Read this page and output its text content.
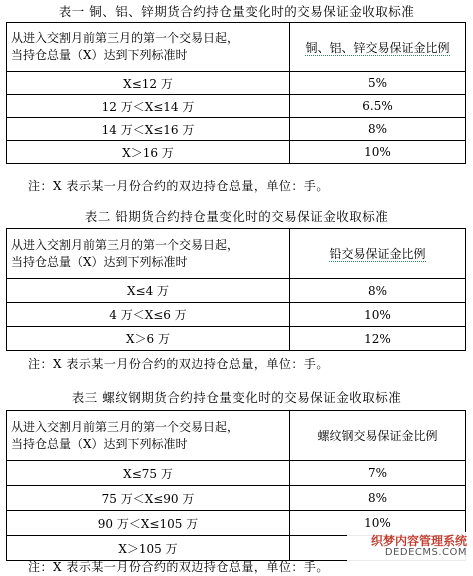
表一 铜、铝、锌期货合约持仓量变化时的交易保证金收取标准
从进入交割月前第三月的第一个交易日起，
当持仓总量（X）达到下列标准时	铜、铝、锌交易保证金比例
X≤12 万	5%
12 万＜X≤14 万	6.5%
14 万＜X≤16 万	8%
X＞16 万	10%
注：X 表示某一月份合约的双边持仓总量，单位：手。
表二 铅期货合约持仓量变化时的交易保证金收取标准
从进入交割月前第三月的第一个交易日起，
当持仓总量（X）达到下列标准时	铅交易保证金比例
X≤4 万	8%
4 万＜X≤6 万	10%
X＞6 万	12%
注：X 表示某一月份合约的双边持仓总量，单位：手。
表三 螺纹钢期货合约持仓量变化时的交易保证金收取标准
从进入交割月前第三月的第一个交易日起，
当持仓总量（X）达到下列标准时	螺纹钢交易保证金比例
X≤75 万	7%
75 万＜X≤90 万	8%
90 万＜X≤105 万	10%
X＞105 万	
注：X 表示某一月份合约的双边持仓总量，单位：手。
织梦内容管理系统
DEDECMS.COM
